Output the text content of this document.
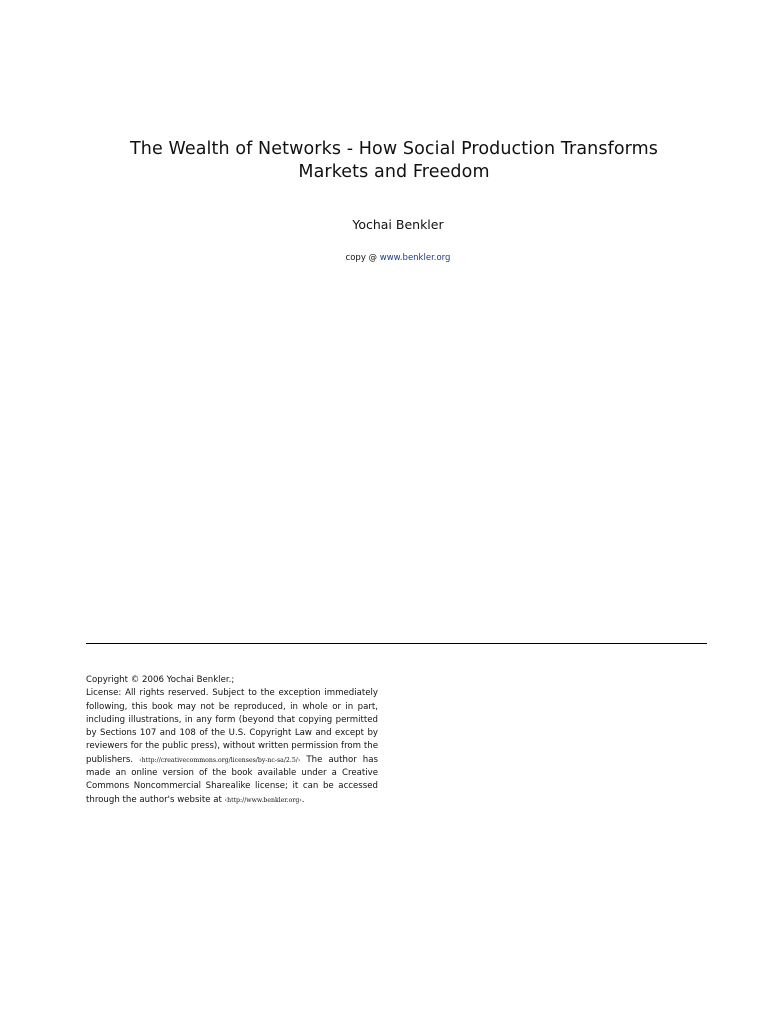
The Wealth of Networks - How Social Production Transforms
Markets and Freedom
Yochai Benkler
copy @ www.benkler.org
Copyright © 2006 Yochai Benkler.;
License: All rights reserved. Subject to the exception immediately following, this book may not be reproduced, in whole or in part, including illustrations, in any form (beyond that copying permitted by Sections 107 and 108 of the U.S. Copyright Law and except by reviewers for the public press), without written permission from the publishers. ‹http://creativecommons.org/licenses/by-nc-sa/2.5/› The author has made an online version of the book available under a Creative Commons Noncommercial Sharealike license; it can be accessed through the author's website at ‹http://www.benkler.org›.
